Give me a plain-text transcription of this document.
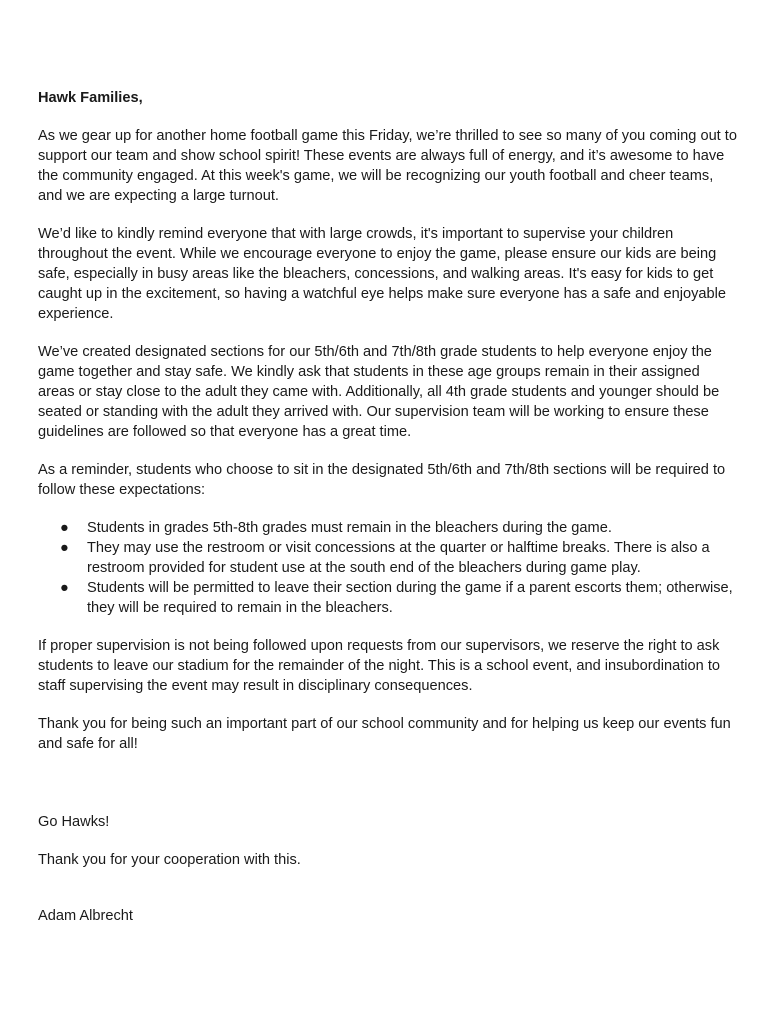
Hawk Families,

As we gear up for another home football game this Friday, we’re thrilled to see so many of you coming out to support our team and show school spirit! These events are always full of energy, and it’s awesome to have the community engaged. At this week's game, we will be recognizing our youth football and cheer teams, and we are expecting a large turnout.

We’d like to kindly remind everyone that with large crowds, it's important to supervise your children throughout the event. While we encourage everyone to enjoy the game, please ensure our kids are being safe, especially in busy areas like the bleachers, concessions, and walking areas. It's easy for kids to get caught up in the excitement, so having a watchful eye helps make sure everyone has a safe and enjoyable experience.

We’ve created designated sections for our 5th/6th and 7th/8th grade students to help everyone enjoy the game together and stay safe. We kindly ask that students in these age groups remain in their assigned areas or stay close to the adult they came with. Additionally, all 4th grade students and younger should be seated or standing with the adult they arrived with. Our supervision team will be working to ensure these guidelines are followed so that everyone has a great time.

As a reminder, students who choose to sit in the designated 5th/6th and 7th/8th sections will be required to follow these expectations:

● Students in grades 5th-8th grades must remain in the bleachers during the game.
● They may use the restroom or visit concessions at the quarter or halftime breaks. There is also a restroom provided for student use at the south end of the bleachers during game play.
● Students will be permitted to leave their section during the game if a parent escorts them; otherwise, they will be required to remain in the bleachers.

If proper supervision is not being followed upon requests from our supervisors, we reserve the right to ask students to leave our stadium for the remainder of the night. This is a school event, and insubordination to staff supervising the event may result in disciplinary consequences.

Thank you for being such an important part of our school community and for helping us keep our events fun and safe for all!

Go Hawks!
Thank you for your cooperation with this.
Adam Albrecht
